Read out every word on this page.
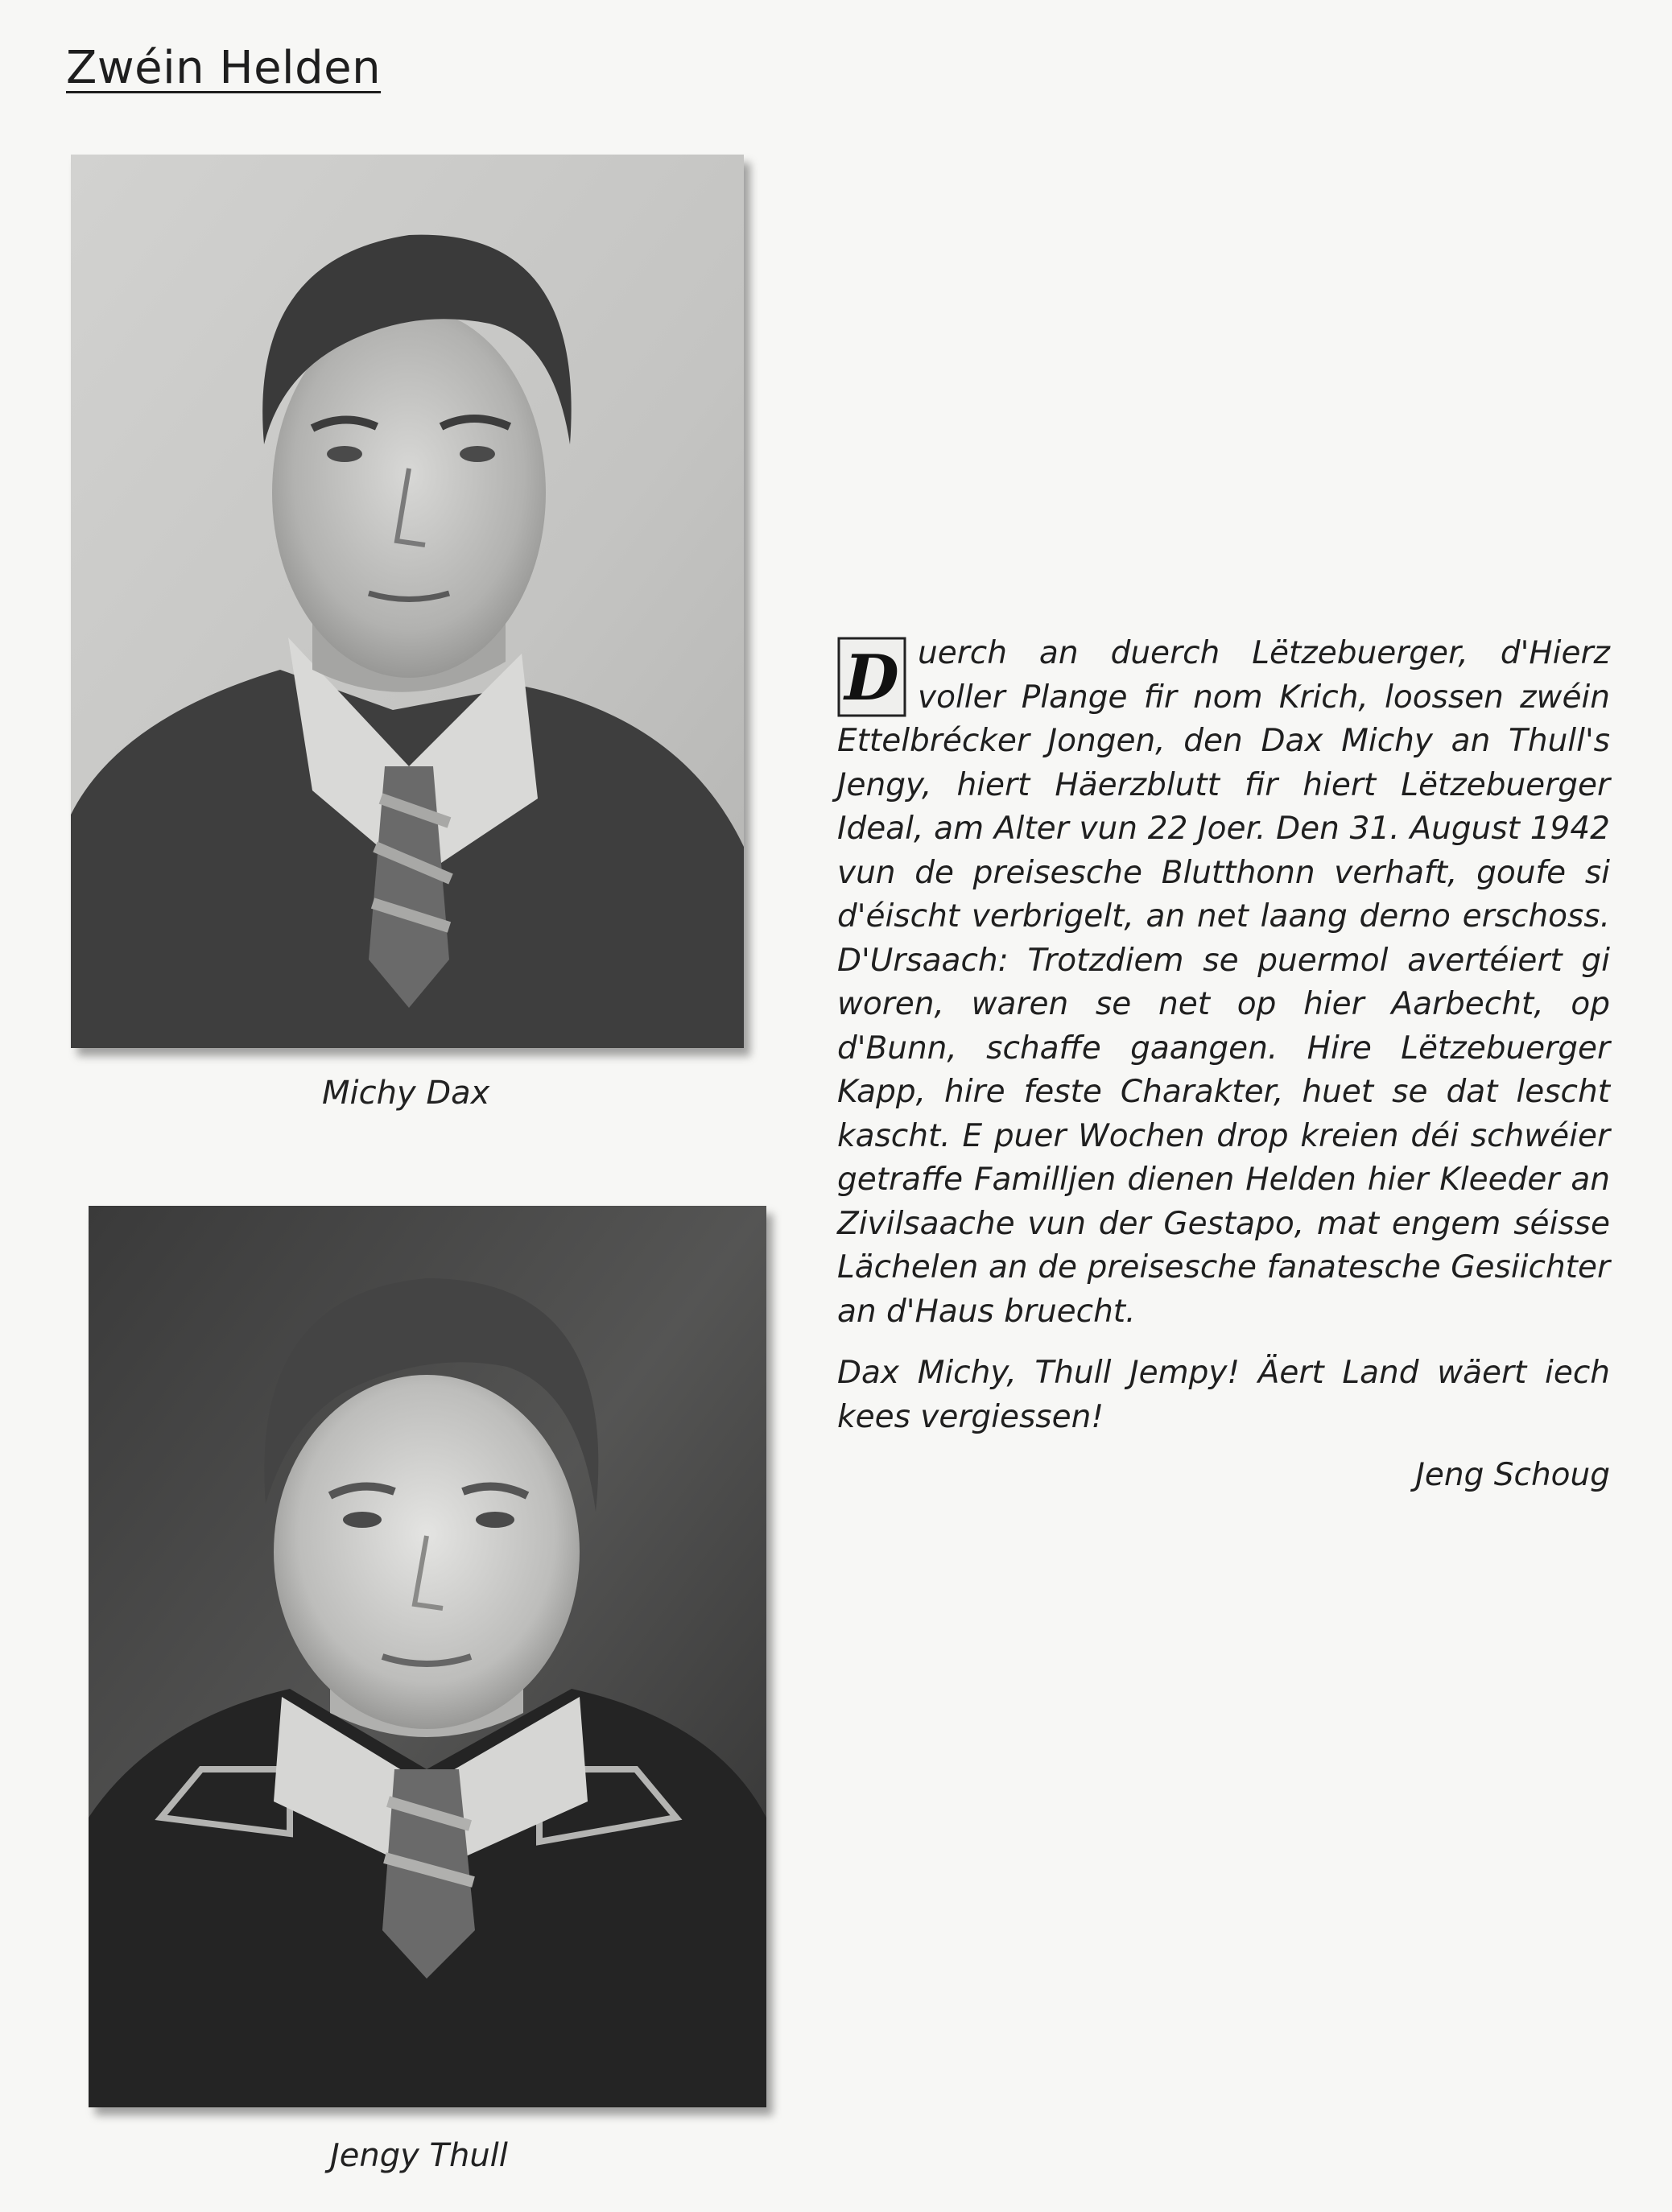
Zwéin Helden
Michy Dax
Jengy Thull

D uerch an duerch Lëtzebuerger, d'Hierz voller Plange fir nom Krich, loossen zwéin Ettelbrécker Jongen, den Dax Michy an Thull's Jengy, hiert Häerzblutt fir hiert Lëtzebuerger Ideal, am Alter vun 22 Joer. Den 31. August 1942 vun de preisesche Blutthonn verhaft, goufe si d'éischt verbrigelt, an net laang derno erschoss. D'Ursaach: Trotzdiem se puermol avertéiert gi woren, waren se net op hier Aarbecht, op d'Bunn, schaffe gaangen. Hire Lëtzebuerger Kapp, hire feste Charakter, huet se dat lescht kascht. E puer Wochen drop kreien déi schwéier getraffe Familljen dienen Helden hier Kleeder an Zivilsaache vun der Gestapo, mat engem séisse Lächelen an de preisesche fanatesche Gesiichter an d'Haus bruecht.

Dax Michy, Thull Jempy! Äert Land wäert iech kees vergiessen!

Jeng Schoug
